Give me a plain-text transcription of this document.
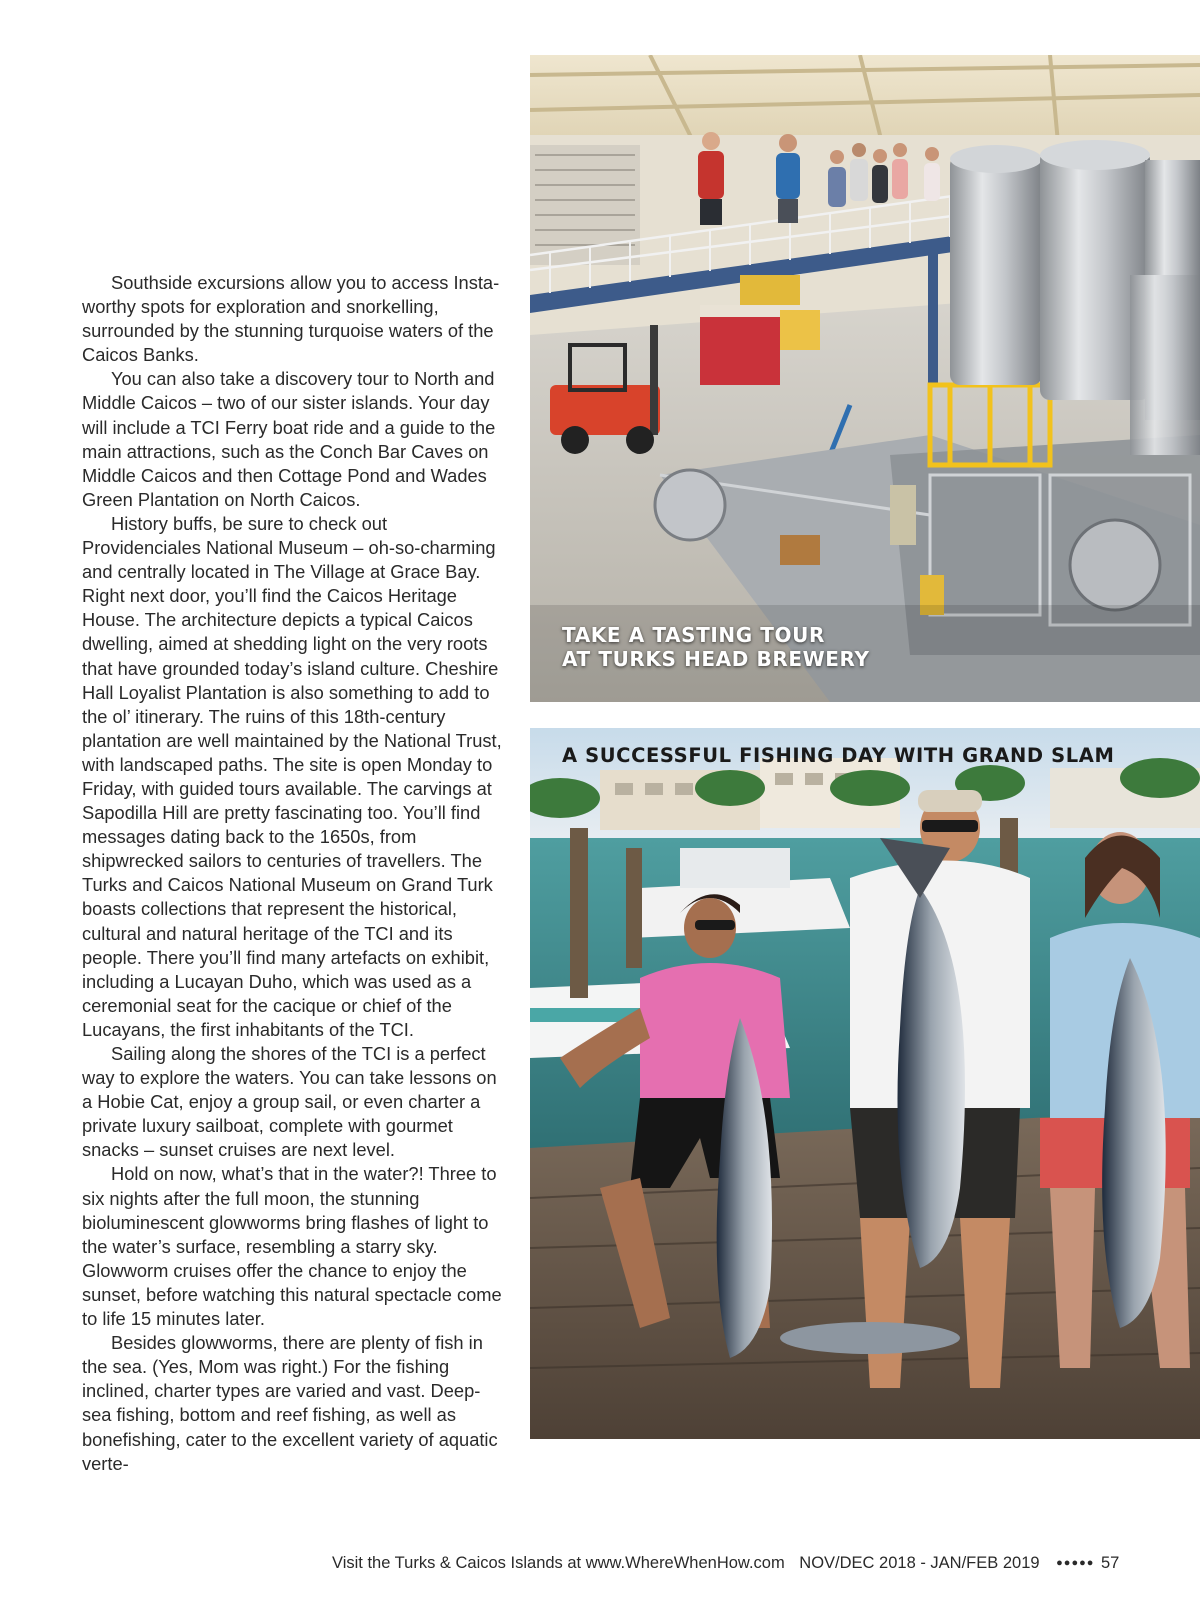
Southside excursions allow you to access Insta-worthy spots for exploration and snorkelling, surrounded by the stunning turquoise waters of the Caicos Banks.

You can also take a discovery tour to North and Middle Caicos – two of our sister islands. Your day will include a TCI Ferry boat ride and a guide to the main attractions, such as the Conch Bar Caves on Middle Caicos and then Cottage Pond and Wades Green Plantation on North Caicos.

History buffs, be sure to check out Providenciales National Museum – oh-so-charming and centrally located in The Village at Grace Bay. Right next door, you’ll find the Caicos Heritage House. The architecture depicts a typical Caicos dwelling, aimed at shedding light on the very roots that have grounded today’s island culture. Cheshire Hall Loyalist Plantation is also something to add to the ol’ itinerary. The ruins of this 18th-century plantation are well maintained by the National Trust, with landscaped paths. The site is open Monday to Friday, with guided tours available. The carvings at Sapodilla Hill are pretty fascinating too. You’ll find messages dating back to the 1650s, from shipwrecked sailors to centuries of travellers. The Turks and Caicos National Museum on Grand Turk boasts collections that represent the historical, cultural and natural heritage of the TCI and its people. There you’ll find many artefacts on exhibit, including a Lucayan Duho, which was used as a ceremonial seat for the cacique or chief of the Lucayans, the first inhabitants of the TCI.

Sailing along the shores of the TCI is a perfect way to explore the waters. You can take lessons on a Hobie Cat, enjoy a group sail, or even charter a private luxury sailboat, complete with gourmet snacks – sunset cruises are next level.

Hold on now, what’s that in the water?! Three to six nights after the full moon, the stunning bioluminescent glowworms bring flashes of light to the water’s surface, resembling a starry sky. Glowworm cruises offer the chance to enjoy the sunset, before watching this natural spectacle come to life 15 minutes later.

Besides glowworms, there are plenty of fish in the sea. (Yes, Mom was right.) For the fishing inclined, charter types are varied and vast. Deep-sea fishing, bottom and reef fishing, as well as bonefishing, cater to the excellent variety of aquatic verte-

TAKE A TASTING TOUR
AT TURKS HEAD BREWERY
A SUCCESSFUL FISHING DAY WITH GRAND SLAM
Visit the Turks & Caicos Islands at www.WhereWhenHow.com NOV/DEC 2018 - JAN/FEB 2019 ●●●●● 57
